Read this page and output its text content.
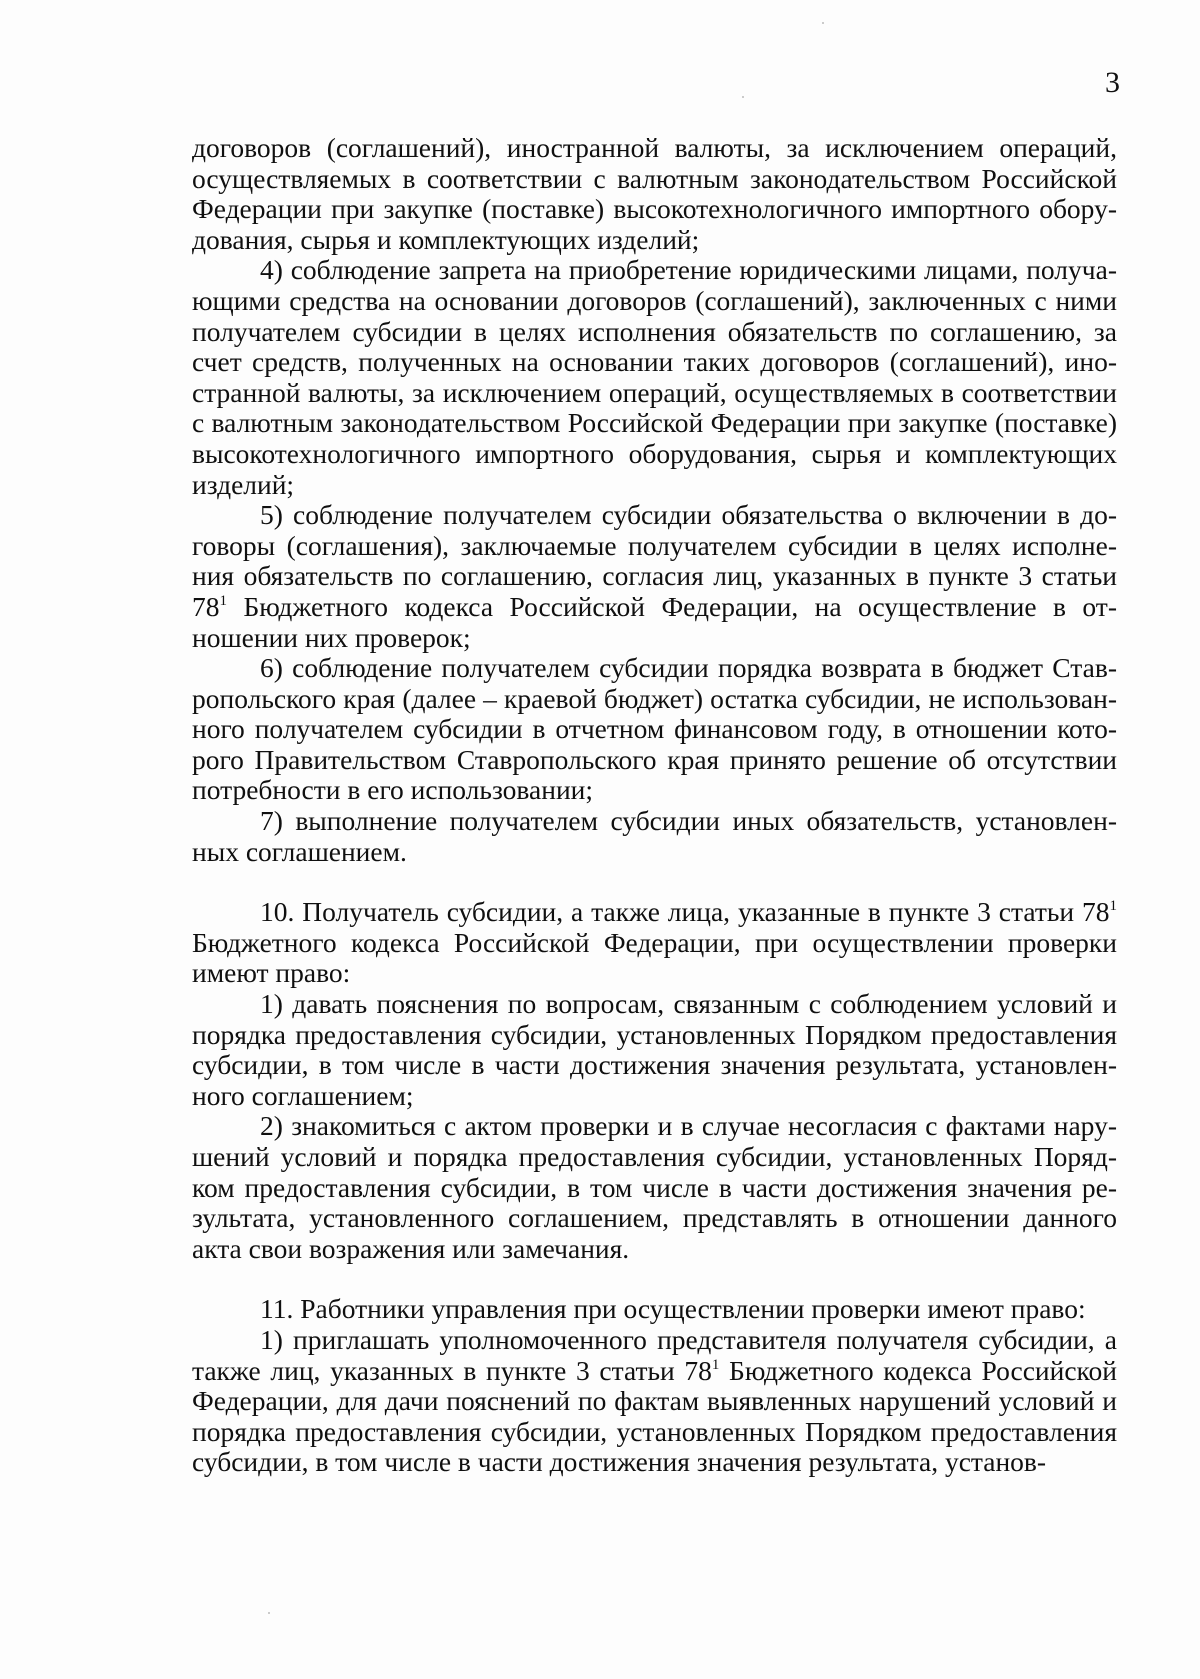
3

договоров (соглашений), иностранной валюты, за исключением операций, осуществляемых в соответствии с валютным законодательством Российской Федерации при закупке (поставке) высокотехнологичного импортного оборудования, сырья и комплектующих изделий;

4) соблюдение запрета на приобретение юридическими лицами, получающими средства на основании договоров (соглашений), заключенных с ними получателем субсидии в целях исполнения обязательств по соглашению, за счет средств, полученных на основании таких договоров (соглашений), иностранной валюты, за исключением операций, осуществляемых в соответствии с валютным законодательством Российской Федерации при закупке (поставке) высокотехнологичного импортного оборудования, сырья и комплектующих изделий;

5) соблюдение получателем субсидии обязательства о включении в договоры (соглашения), заключаемые получателем субсидии в целях исполнения обязательств по соглашению, согласия лиц, указанных в пункте 3 статьи $78^1$ Бюджетного кодекса Российской Федерации, на осуществление в отношении них проверок;

6) соблюдение получателем субсидии порядка возврата в бюджет Ставропольского края (далее – краевой бюджет) остатка субсидии, не использованного получателем субсидии в отчетном финансовом году, в отношении которого Правительством Ставропольского края принято решение об отсутствии потребности в его использовании;

7) выполнение получателем субсидии иных обязательств, установленных соглашением.

10. Получатель субсидии, а также лица, указанные в пункте 3 статьи $78^1$ Бюджетного кодекса Российской Федерации, при осуществлении проверки имеют право:

1) давать пояснения по вопросам, связанным с соблюдением условий и порядка предоставления субсидии, установленных Порядком предоставления субсидии, в том числе в части достижения значения результата, установленного соглашением;

2) знакомиться с актом проверки и в случае несогласия с фактами нарушений условий и порядка предоставления субсидии, установленных Порядком предоставления субсидии, в том числе в части достижения значения результата, установленного соглашением, представлять в отношении данного акта свои возражения или замечания.

11. Работники управления при осуществлении проверки имеют право:

1) приглашать уполномоченного представителя получателя субсидии, а также лиц, указанных в пункте 3 статьи $78^1$ Бюджетного кодекса Российской Федерации, для дачи пояснений по фактам выявленных нарушений условий и порядка предоставления субсидии, установленных Порядком предоставления субсидии, в том числе в части достижения значения результата, установ-
